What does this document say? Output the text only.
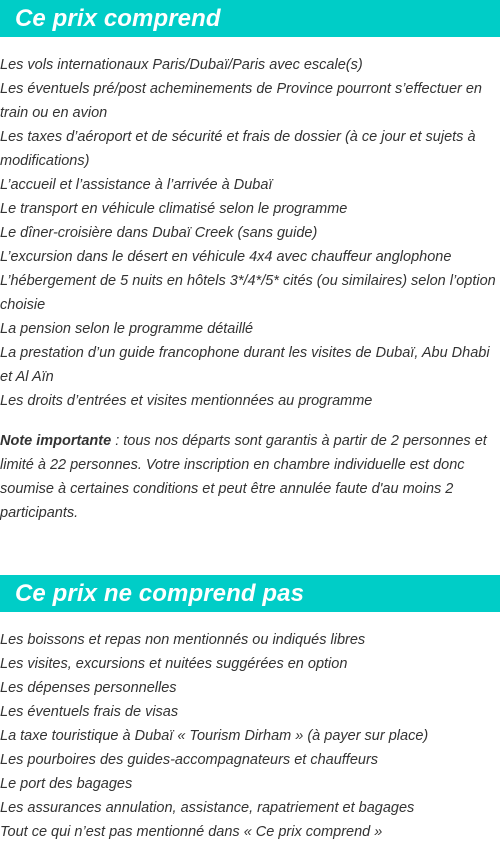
Ce prix comprend
Les vols internationaux Paris/Dubaï/Paris avec escale(s)
Les éventuels pré/post acheminements de Province pourront s’effectuer en train ou en avion
Les taxes d’aéroport et de sécurité et frais de dossier (à ce jour et sujets à modifications)
L’accueil et l’assistance à l’arrivée à Dubaï
Le transport en véhicule climatisé selon le programme
Le dîner-croisière dans Dubaï Creek (sans guide)
L’excursion dans le désert en véhicule 4x4 avec chauffeur anglophone
L’hébergement de 5 nuits en hôtels 3*/4*/5* cités (ou similaires) selon l’option choisie
La pension selon le programme détaillé
La prestation d’un guide francophone durant les visites de Dubaï, Abu Dhabi et Al Aïn
Les droits d’entrées et visites mentionnées au programme

Note importante : tous nos départs sont garantis à partir de 2 personnes et limité à 22 personnes. Votre inscription en chambre individuelle est donc soumise à certaines conditions et peut être annulée faute d'au moins 2 participants.

Ce prix ne comprend pas
Les boissons et repas non mentionnés ou indiqués libres
Les visites, excursions et nuitées suggérées en option
Les dépenses personnelles
Les éventuels frais de visas
La taxe touristique à Dubaï « Tourism Dirham » (à payer sur place)
Les pourboires des guides-accompagnateurs et chauffeurs
Le port des bagages
Les assurances annulation, assistance, rapatriement et bagages
Tout ce qui n’est pas mentionné dans « Ce prix comprend »
